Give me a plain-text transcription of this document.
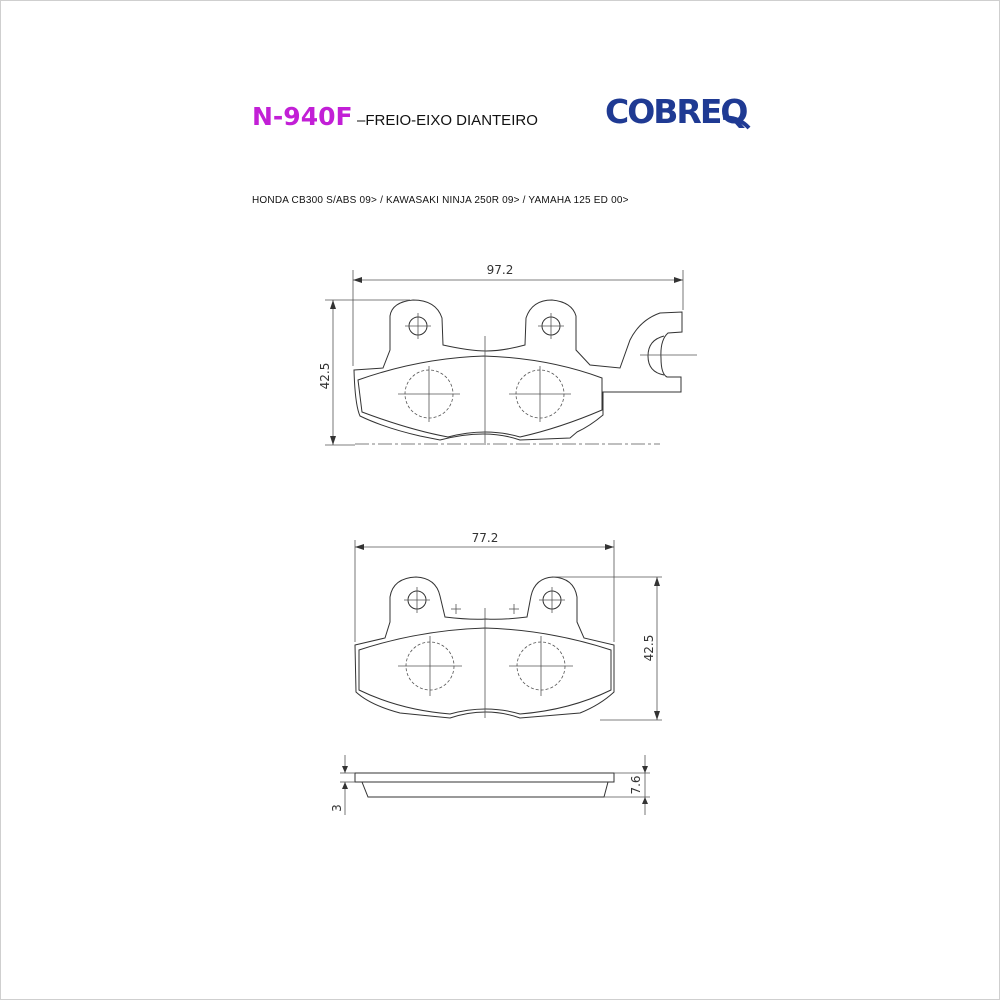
N-940F –FREIO-EIXO DIANTEIRO COBREQ
HONDA CB300 S/ABS 09> / KAWASAKI NINJA 250R 09> / YAMAHA 125 ED 00>
97.2
42.5
77.2
42.5
3
7.6
